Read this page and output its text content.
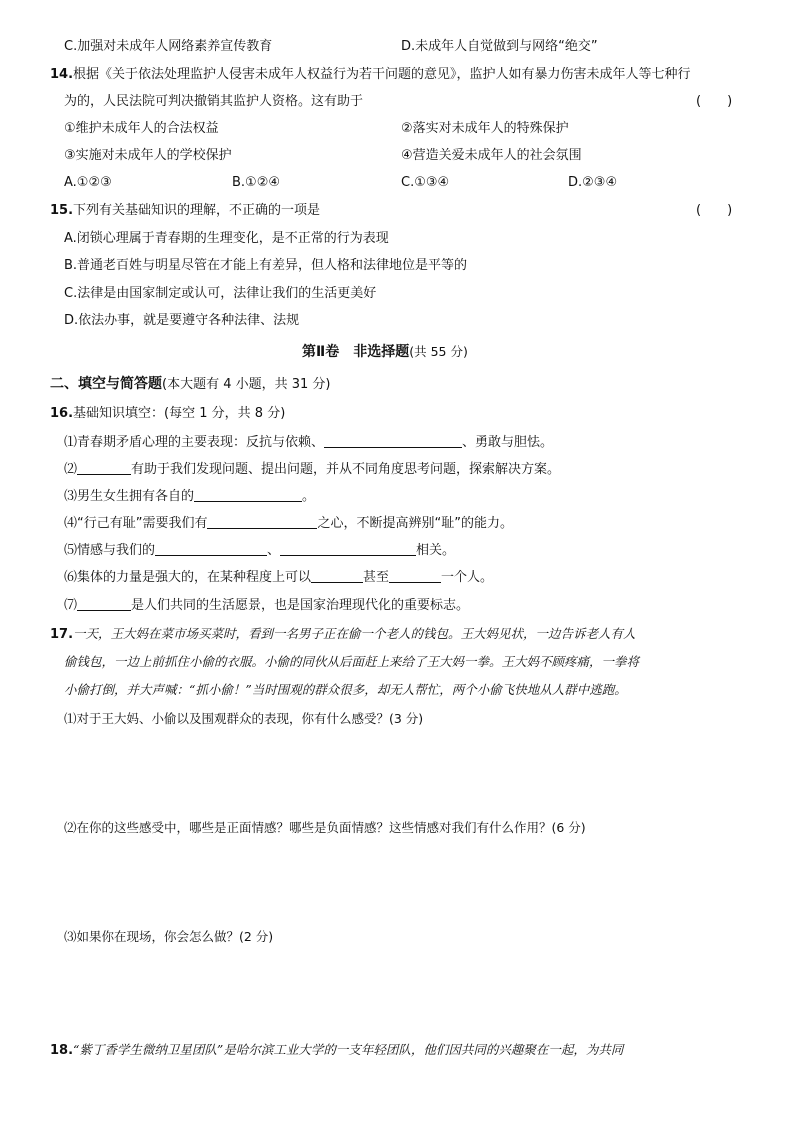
C.加强对未成年人网络素养宣传教育	D.未成年人自觉做到与网络“绝交”
14.根据《关于依法处理监护人侵害未成年人权益行为若干问题的意见》，监护人如有暴力伤害未成年人等七种行
为的，人民法院可判决撤销其监护人资格。这有助于	(　　)
①维护未成年人的合法权益	②落实对未成年人的特殊保护
③实施对未成年人的学校保护	④营造关爱未成年人的社会氛围
A.①②③	B.①②④	C.①③④	D.②③④
15.下列有关基础知识的理解，不正确的一项是	(　　)
A.闭锁心理属于青春期的生理变化，是不正常的行为表现
B.普通老百姓与明星尽管在才能上有差异，但人格和法律地位是平等的
C.法律是由国家制定或认可，法律让我们的生活更美好
D.依法办事，就是要遵守各种法律、法规
第Ⅱ卷　非选择题(共 55 分)
二、填空与简答题(本大题有 4 小题，共 31 分)
16.基础知识填空：(每空 1 分，共 8 分)
⑴青春期矛盾心理的主要表现：反抗与依赖、	、勇敢与胆怯。
⑵	有助于我们发现问题、提出问题，并从不同角度思考问题，探索解决方案。
⑶男生女生拥有各自的	。
⑷“行己有耻”需要我们有	之心，不断提高辨别“耻”的能力。
⑸情感与我们的	、	相关。
⑹集体的力量是强大的，在某种程度上可以	甚至	一个人。
⑺	是人们共同的生活愿景，也是国家治理现代化的重要标志。
17.一天，王大妈在菜市场买菜时，看到一名男子正在偷一个老人的钱包。王大妈见状，一边告诉老人有人
偷钱包，一边上前抓住小偷的衣服。小偷的同伙从后面赶上来给了王大妈一拳。王大妈不顾疼痛，一拳将
小偷打倒，并大声喊：“抓小偷！”当时围观的群众很多，却无人帮忙，两个小偷飞快地从人群中逃跑。
⑴对于王大妈、小偷以及围观群众的表现，你有什么感受？(3 分)
⑵在你的这些感受中，哪些是正面情感？哪些是负面情感？这些情感对我们有什么作用？(6 分)
⑶如果你在现场，你会怎么做？(2 分)
18.“紫丁香学生微纳卫星团队”是哈尔滨工业大学的一支年轻团队，他们因共同的兴趣聚在一起，为共同
